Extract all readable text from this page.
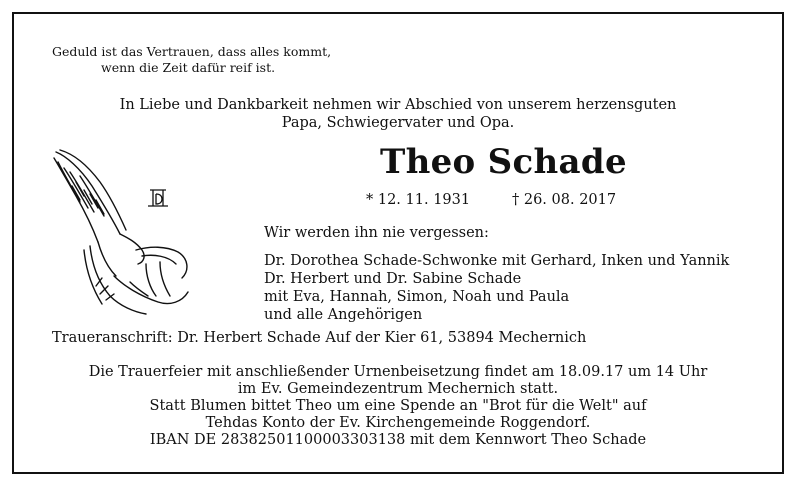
Geduld ist das Vertrauen, dass alles kommt,
wenn die Zeit dafür reif ist.
In Liebe und Dankbarkeit nehmen wir Abschied von unserem herzensguten
Papa, Schwiegervater und Opa.
Theo Schade
* 12. 11. 1931	† 26. 08. 2017
Wir werden ihn nie vergessen:
Dr. Dorothea Schade-Schwonke mit Gerhard, Inken und Yannik
Dr. Herbert und Dr. Sabine Schade
mit Eva, Hannah, Simon, Noah und Paula
und alle Angehörigen
Traueranschrift: Dr. Herbert Schade Auf der Kier 61, 53894 Mechernich
Die Trauerfeier mit anschließender Urnenbeisetzung findet am 18.09.17 um 14 Uhr
im Ev. Gemeindezentrum Mechernich statt.
Statt Blumen bittet Theo um eine Spende an "Brot für die Welt" auf
Tehdas Konto der Ev. Kirchengemeinde Roggendorf.
IBAN DE 28382501100003303138 mit dem Kennwort Theo Schade
